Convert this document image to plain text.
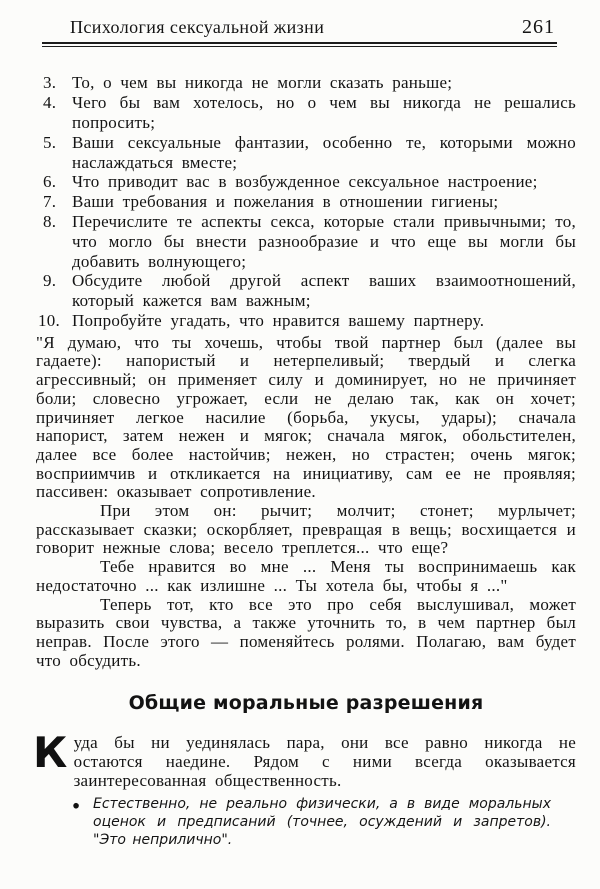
Психология сексуальной жизни	261
3. То, о чем вы никогда не могли сказать раньше;
4. Чего бы вам хотелось, но о чем вы никогда не решались попросить;
5. Ваши сексуальные фантазии, особенно те, которыми можно наслаждаться вместе;
6. Что приводит вас в возбужденное сексуальное настроение;
7. Ваши требования и пожелания в отношении гигиены;
8. Перечислите те аспекты секса, которые стали привычными; то, что могло бы внести разнообразие и что еще вы могли бы добавить волнующего;
9. Обсудите любой другой аспект ваших взаимоотношений, который кажется вам важным;
10. Попробуйте угадать, что нравится вашему партнеру.

"Я думаю, что ты хочешь, чтобы твой партнер был (далее вы гадаете): напористый и нетерпеливый; твердый и слегка агрессивный; он применяет силу и доминирует, но не причиняет боли; словесно угрожает, если не делаю так, как он хочет; причиняет легкое насилие (борьба, укусы, удары); сначала напорист, затем нежен и мягок; сначала мягок, обольстителен, далее все более настойчив; нежен, но страстен; очень мягок; восприимчив и откликается на инициативу, сам ее не проявляя; пассивен: оказывает сопротивление.

При этом он: рычит; молчит; стонет; мурлычет; рассказывает сказки; оскорбляет, превращая в вещь; восхищается и говорит нежные слова; весело треплется... что еще?

Тебе нравится во мне ... Меня ты воспринимаешь как недостаточно ... как излишне ... Ты хотела бы, чтобы я ..."

Теперь тот, кто все это про себя выслушивал, может выразить свои чувства, а также уточнить то, в чем партнер был неправ. После этого — поменяйтесь ролями. Полагаю, вам будет что обсудить.

Общие моральные разрешения

Куда бы ни уединялась пара, они все равно никогда не остаются наедине. Рядом с ними всегда оказывается заинтересованная общественность.

● Естественно, не реально физически, а в виде моральных оценок и предписаний (точнее, осуждений и запретов). "Это неприлично".
